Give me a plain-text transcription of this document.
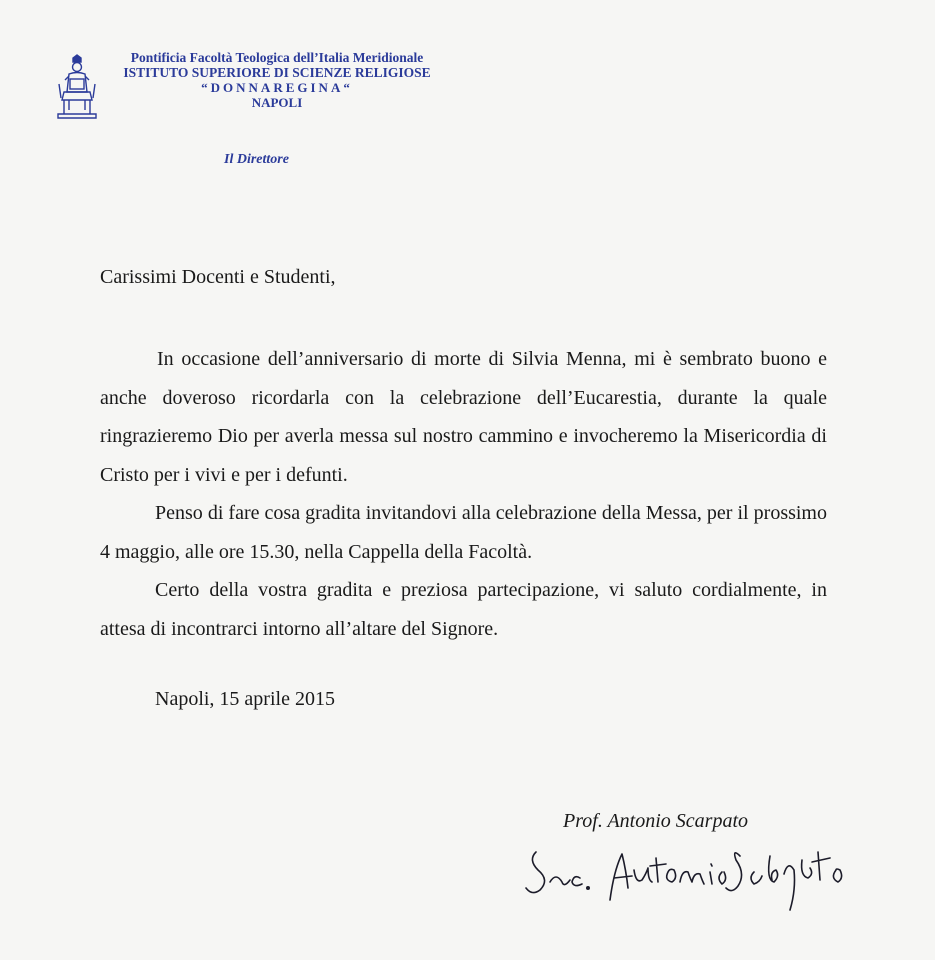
Pontificia Facoltà Teologica dell’Italia Meridionale
ISTITUTO SUPERIORE DI SCIENZE RELIGIOSE
“DONNAREGINA“
NAPOLI
Il Direttore
Carissimi Docenti e Studenti,

In occasione dell’anniversario di morte di Silvia Menna, mi è sembrato buono e anche doveroso ricordarla con la celebrazione dell’Eucarestia, durante la quale ringrazieremo Dio per averla messa sul nostro cammino e invocheremo la Misericordia di Cristo per i vivi e per i defunti.

Penso di fare cosa gradita invitandovi alla celebrazione della Messa, per il prossimo 4 maggio, alle ore 15.30, nella Cappella della Facoltà.

Certo della vostra gradita e preziosa partecipazione, vi saluto cordialmente, in attesa di incontrarci intorno all’altare del Signore.

Napoli, 15 aprile 2015
Prof. Antonio Scarpato
